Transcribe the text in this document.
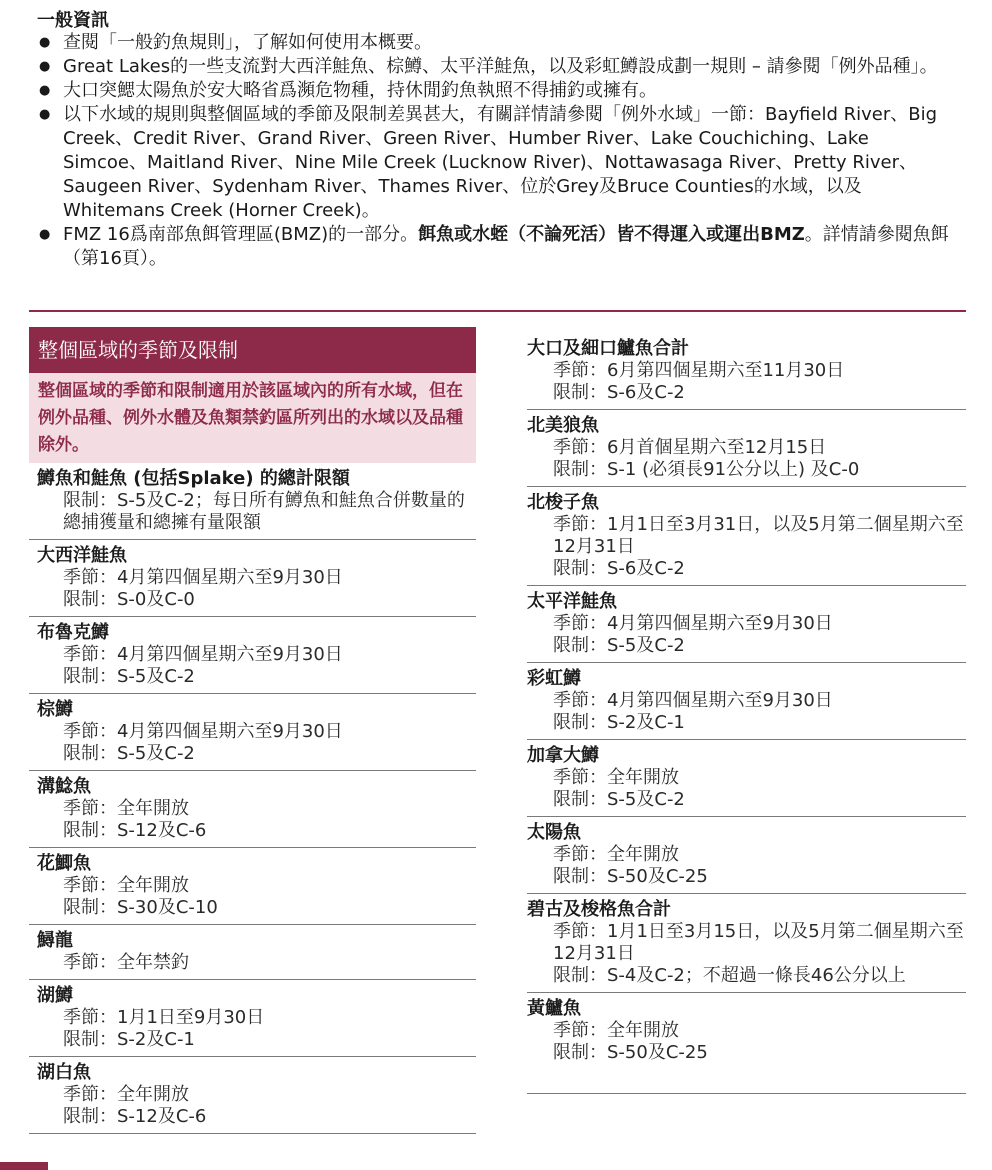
一般資訊
● 查閱「一般釣魚規則」，了解如何使用本概要。
● Great Lakes的一些支流對大西洋鮭魚、棕鱒、太平洋鮭魚，以及彩虹鱒設成劃一規則 – 請參閱「例外品種」。
● 大口突鰓太陽魚於安大略省爲瀕危物種，持休閒釣魚執照不得捕釣或擁有。
● 以下水域的規則與整個區域的季節及限制差異甚大，有關詳情請參閱「例外水域」一節：Bayfield River、Big Creek、Credit River、Grand River、Green River、Humber River、Lake Couchiching、Lake Simcoe、Maitland River、Nine Mile Creek (Lucknow River)、Nottawasaga River、Pretty River、Saugeen River、Sydenham River、Thames River、位於Grey及Bruce Counties的水域，以及Whitemans Creek (Horner Creek)。
● FMZ 16爲南部魚餌管理區(BMZ)的一部分。餌魚或水蛭（不論死活）皆不得運入或運出BMZ。詳情請參閱魚餌（第16頁）。
整個區域的季節及限制
整個區域的季節和限制適用於該區域內的所有水域，但在例外品種、例外水體及魚類禁釣區所列出的水域以及品種除外。
鱒魚和鮭魚 (包括Splake) 的總計限額
限制：S-5及C-2；每日所有鱒魚和鮭魚合併數量的總捕獲量和總擁有量限額
大西洋鮭魚
季節：4月第四個星期六至9月30日
限制：S-0及C-0
布魯克鱒
季節：4月第四個星期六至9月30日
限制：S-5及C-2
棕鱒
季節：4月第四個星期六至9月30日
限制：S-5及C-2
溝鯰魚
季節：全年開放
限制：S-12及C-6
花鯽魚
季節：全年開放
限制：S-30及C-10
鱘龍
季節：全年禁釣
湖鱒
季節：1月1日至9月30日
限制：S-2及C-1
湖白魚
季節：全年開放
限制：S-12及C-6
大口及細口鱸魚合計
季節：6月第四個星期六至11月30日
限制：S-6及C-2
北美狼魚
季節：6月首個星期六至12月15日
限制：S-1 (必須長91公分以上) 及C-0
北梭子魚
季節：1月1日至3月31日，以及5月第二個星期六至12月31日
限制：S-6及C-2
太平洋鮭魚
季節：4月第四個星期六至9月30日
限制：S-5及C-2
彩虹鱒
季節：4月第四個星期六至9月30日
限制：S-2及C-1
加拿大鱒
季節：全年開放
限制：S-5及C-2
太陽魚
季節：全年開放
限制：S-50及C-25
碧古及梭格魚合計
季節：1月1日至3月15日，以及5月第二個星期六至12月31日
限制：S-4及C-2；不超過一條長46公分以上
黃鱸魚
季節：全年開放
限制：S-50及C-25
